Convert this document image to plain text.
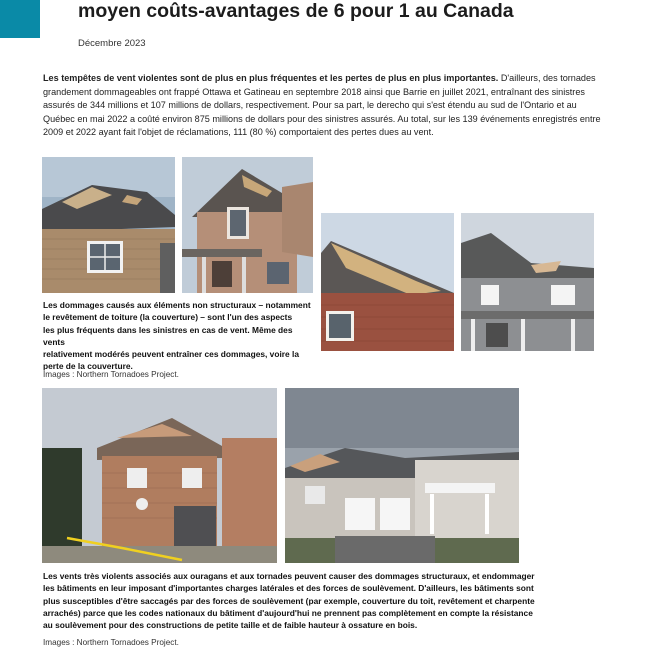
moyen coûts-avantages de 6 pour 1 au Canada
Décembre 2023

Les tempêtes de vent violentes sont de plus en plus fréquentes et les pertes de plus en plus importantes. D'ailleurs, des tornades grandement dommageables ont frappé Ottawa et Gatineau en septembre 2018 ainsi que Barrie en juillet 2021, entraînant des sinistres assurés de 344 millions et 107 millions de dollars, respectivement. Pour sa part, le derecho qui s'est étendu au sud de l'Ontario et au Québec en mai 2022 a coûté environ 875 millions de dollars pour des sinistres assurés. Au total, sur les 139 événements enregistrés entre 2009 et 2022 ayant fait l'objet de réclamations, 111 (80 %) comportaient des pertes dues au vent.

Les dommages causés aux éléments non structuraux – notamment
le revêtement de toiture (la couverture) – sont l'un des aspects
les plus fréquents dans les sinistres en cas de vent. Même des vents
relativement modérés peuvent entraîner ces dommages, voire la
perte de la couverture.

Images : Northern Tornadoes Project.

Les vents très violents associés aux ouragans et aux tornades peuvent causer des dommages structuraux, et endommager
les bâtiments en leur imposant d'importantes charges latérales et des forces de soulèvement. D'ailleurs, les bâtiments sont
plus susceptibles d'être saccagés par des forces de soulèvement (par exemple, couverture du toit, revêtement et charpente
arrachés) parce que les codes nationaux du bâtiment d'aujourd'hui ne prennent pas complètement en compte la résistance
au soulèvement pour des constructions de petite taille et de faible hauteur à ossature en bois.

Images : Northern Tornadoes Project.
